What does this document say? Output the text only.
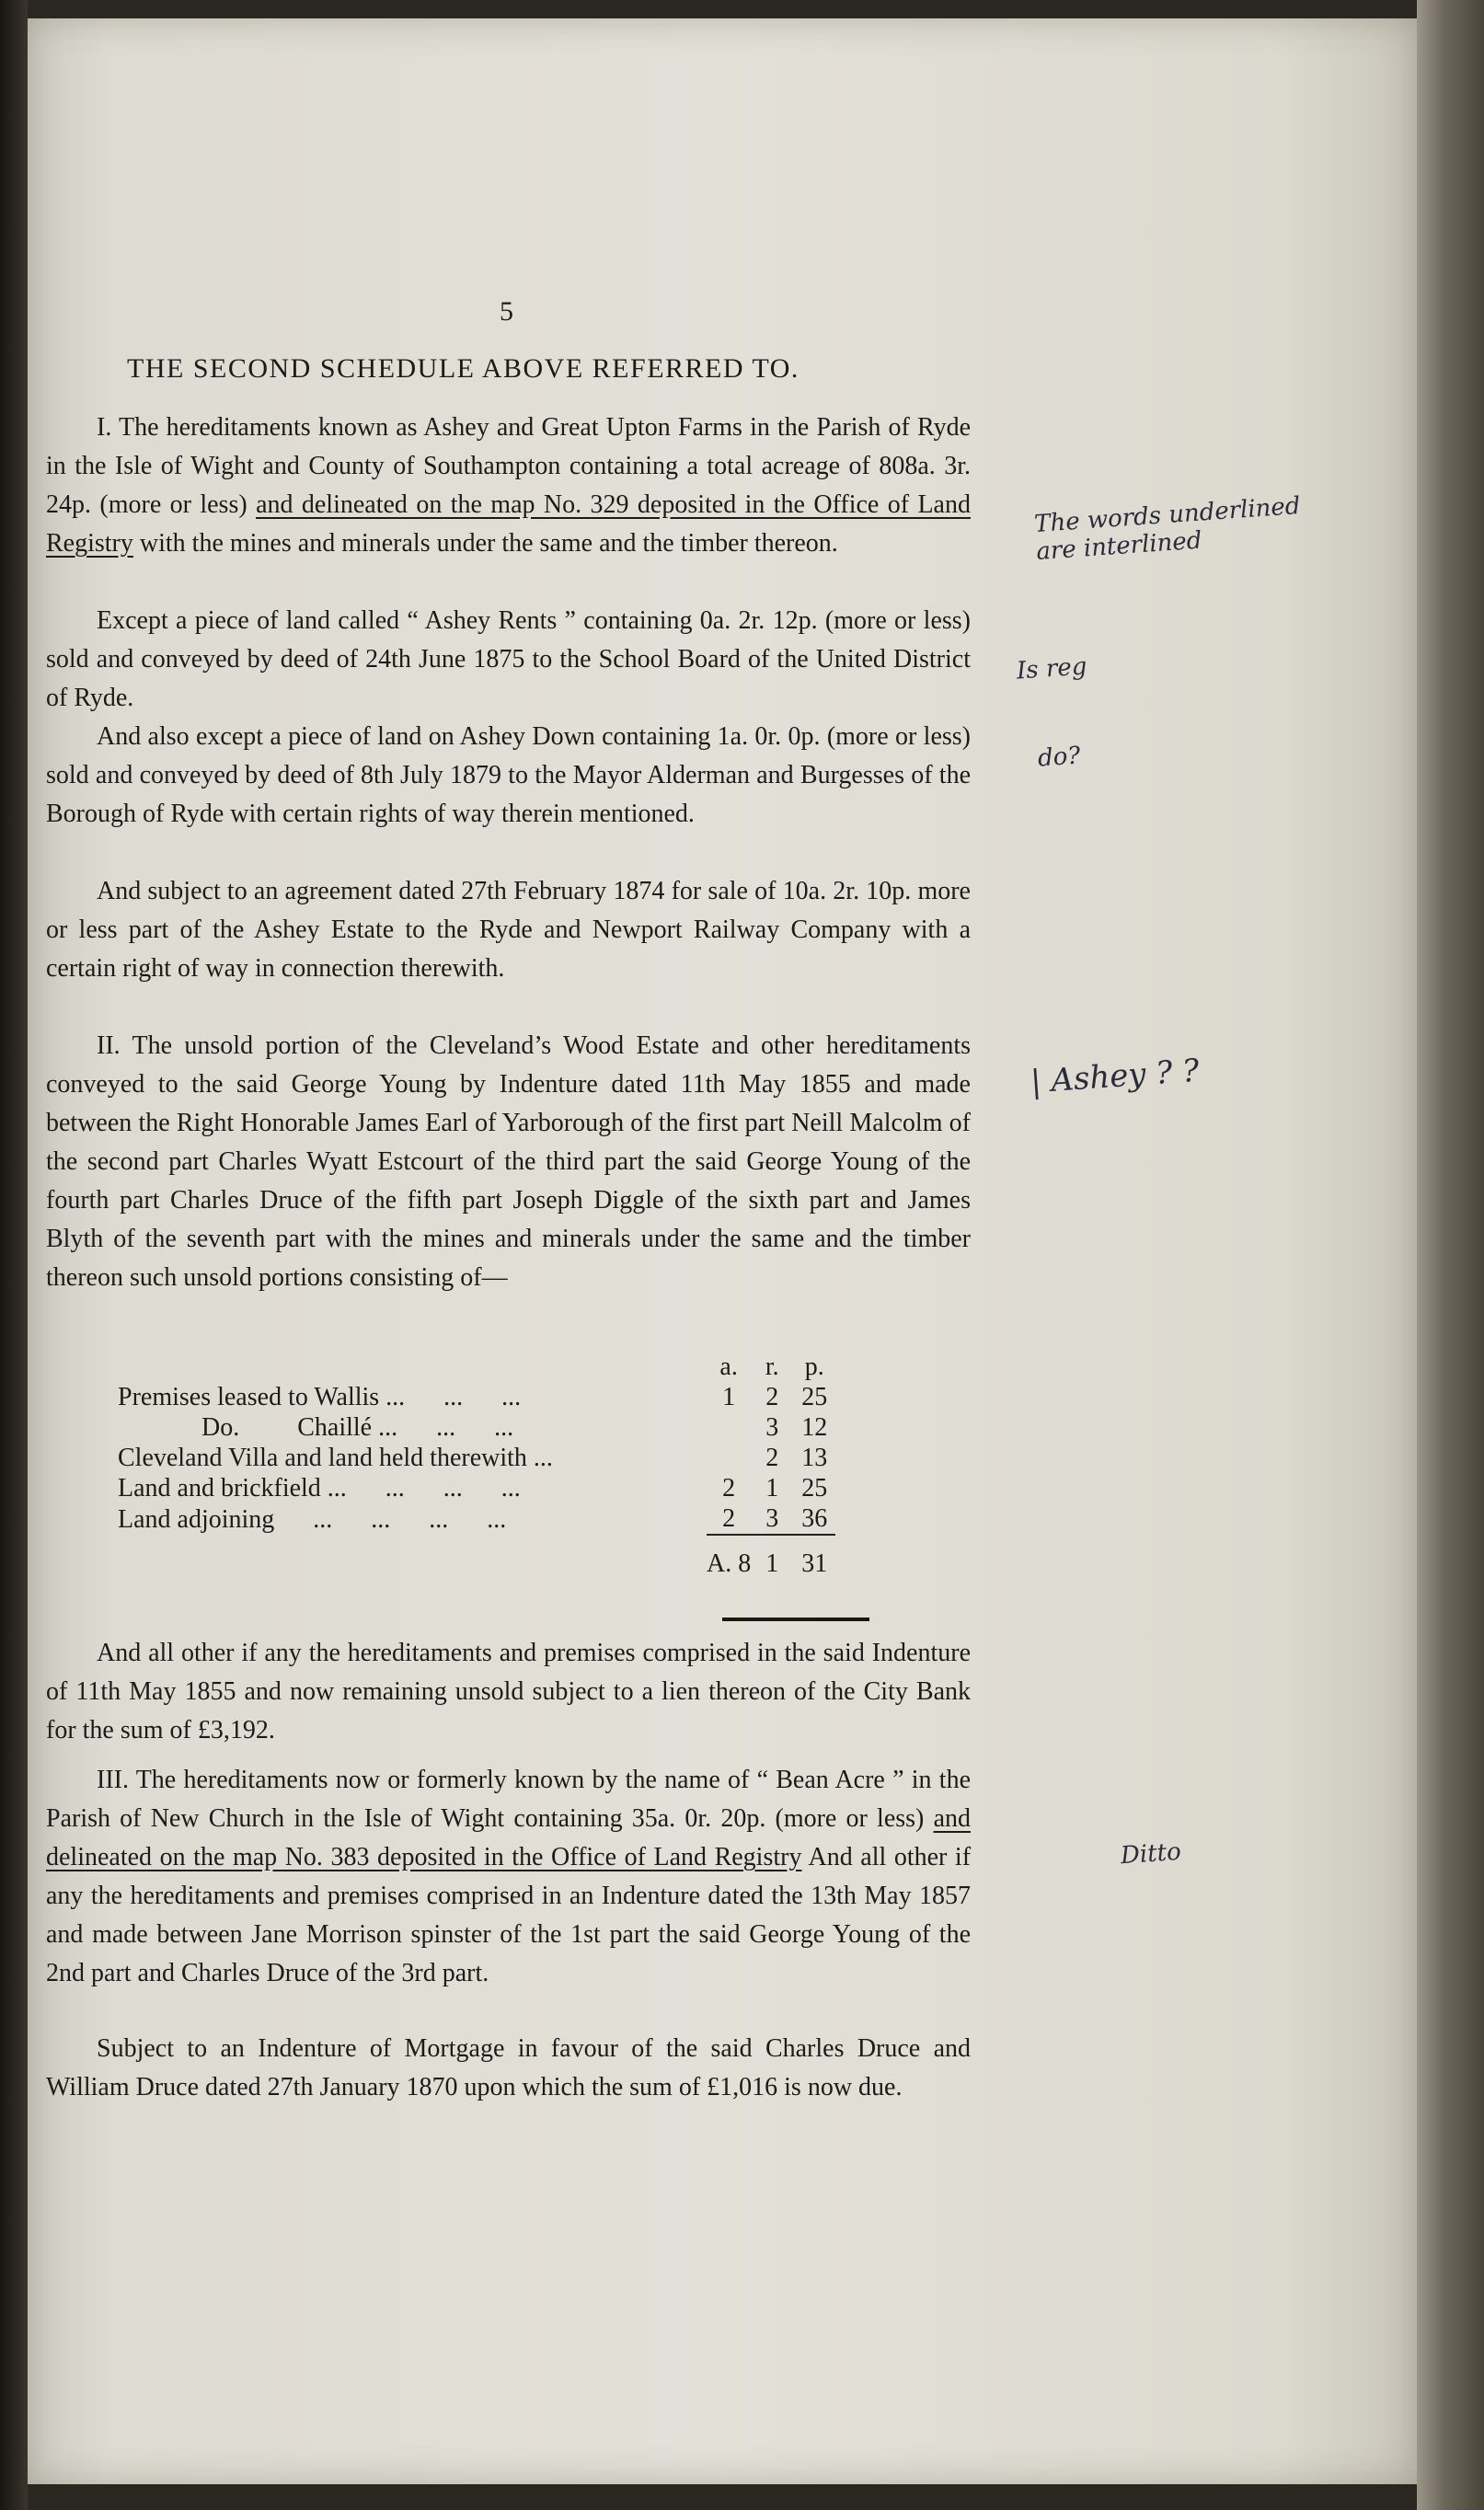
5
THE SECOND SCHEDULE ABOVE REFERRED TO.
I. The hereditaments known as Ashey and Great Upton Farms in the Parish of Ryde in the Isle of Wight and County of Southampton containing a total acreage of 808a. 3r. 24p. (more or less) and delineated on the map No. 329 deposited in the Office of Land Registry with the mines and minerals under the same and the timber thereon.
Except a piece of land called “ Ashey Rents ” containing 0a. 2r. 12p. (more or less) sold and conveyed by deed of 24th June 1875 to the School Board of the United District of Ryde.
And also except a piece of land on Ashey Down containing 1a. 0r. 0p. (more or less) sold and conveyed by deed of 8th July 1879 to the Mayor Alderman and Burgesses of the Borough of Ryde with certain rights of way therein mentioned.
And subject to an agreement dated 27th February 1874 for sale of 10a. 2r. 10p. more or less part of the Ashey Estate to the Ryde and Newport Railway Company with a certain right of way in connection therewith.
II. The unsold portion of the Cleveland’s Wood Estate and other hereditaments conveyed to the said George Young by Indenture dated 11th May 1855 and made between the Right Honorable James Earl of Yarborough of the first part Neill Malcolm of the second part Charles Wyatt Estcourt of the third part the said George Young of the fourth part Charles Druce of the fifth part Joseph Diggle of the sixth part and James Blyth of the seventh part with the mines and minerals under the same and the timber thereon such unsold portions consisting of—
	a.	r.	p.
Premises leased to Wallis ...      ...      ...	1	2	25
Do.         Chaillé ...      ...      ...		3	12
Cleveland Villa and land held therewith ...		2	13
Land and brickfield ...      ...      ...      ...	2	1	25
Land adjoining      ...      ...      ...      ...	2	3	36
	A. 8	1	31
And all other if any the hereditaments and premises comprised in the said Indenture of 11th May 1855 and now remaining unsold subject to a lien thereon of the City Bank for the sum of £3,192.
III. The hereditaments now or formerly known by the name of “ Bean Acre ” in the Parish of New Church in the Isle of Wight containing 35a. 0r. 20p. (more or less) and delineated on the map No. 383 deposited in the Office of Land Registry And all other if any the hereditaments and premises comprised in an Indenture dated the 13th May 1857 and made between Jane Morrison spinster of the 1st part the said George Young of the 2nd part and Charles Druce of the 3rd part.
Subject to an Indenture of Mortgage in favour of the said Charles Druce and William Druce dated 27th January 1870 upon which the sum of £1,016 is now due.
The words underlined
are interlined
Is reg
do?
| Ashey ? ?
Ditto
